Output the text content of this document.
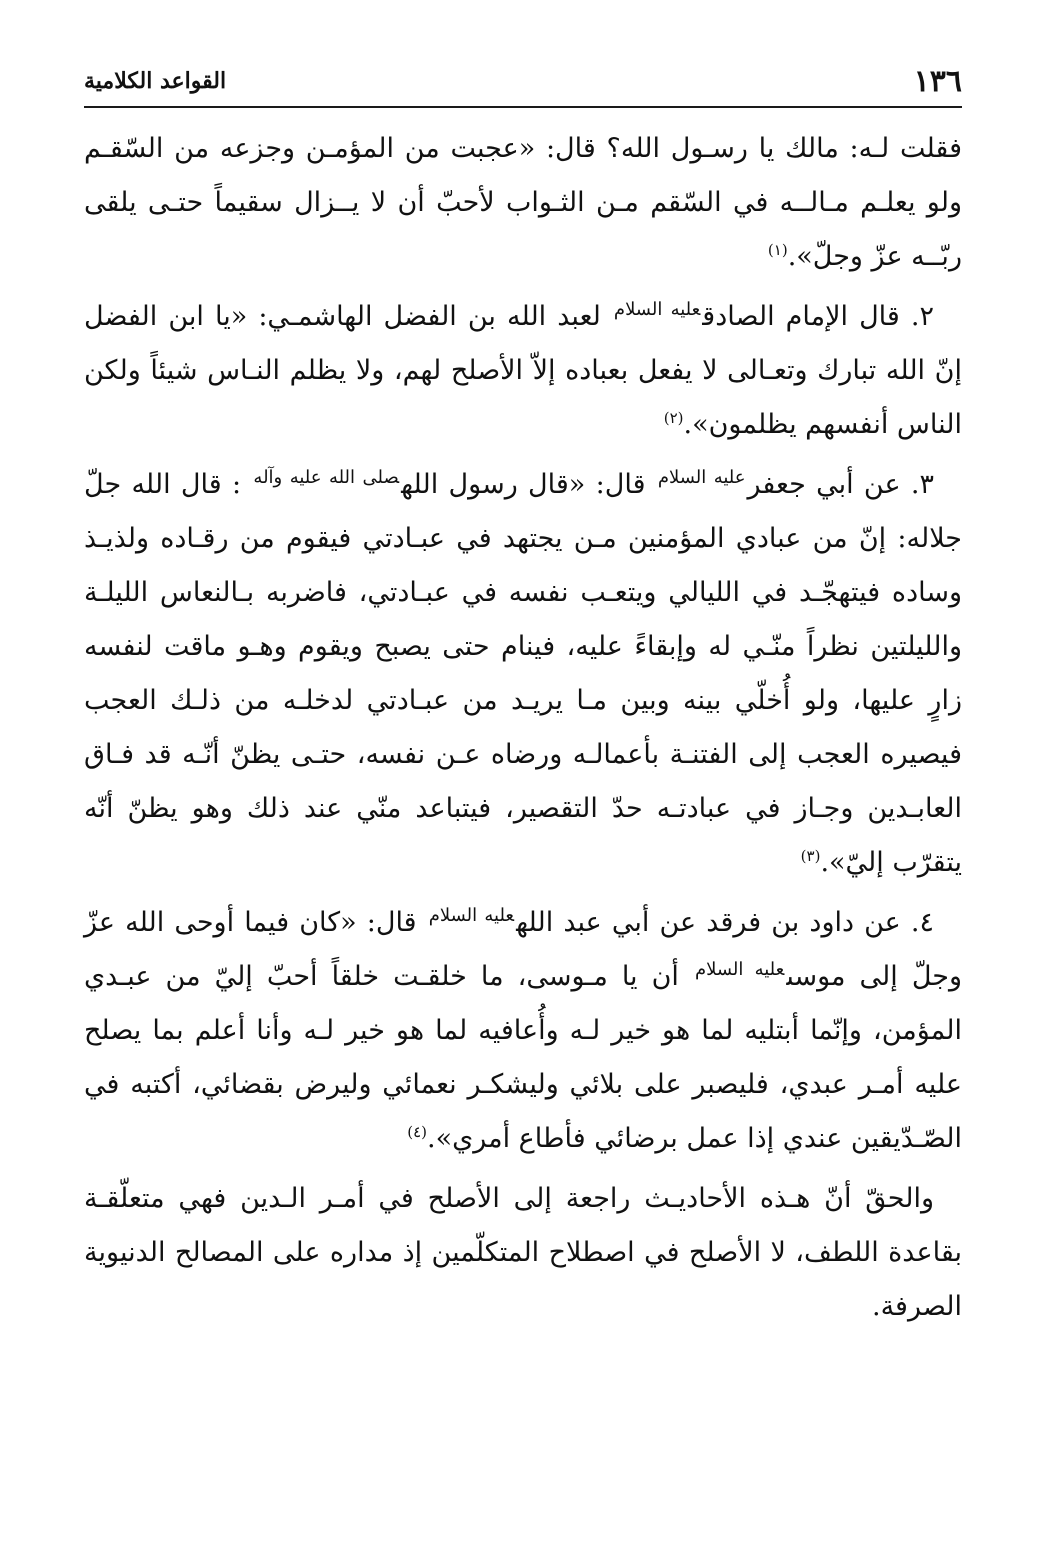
١٣٦
القواعد الكلامية

فقلت لـه: مالك يا رسـول الله؟ قال: «عجبت من المؤمـن وجزعه من السّقـم ولو يعلـم مـالــه في السّقم مـن الثـواب لأحبّ أن لا يــزال سقيماً حتـى يلقى ربّــه عزّ وجلّ».$^{(١)}$

٢. قال الإمام الصادق$^{عليه السلام}$ لعبد الله بن الفضل الهاشمـي: «يا ابن الفضل إنّ الله تبارك وتعـالى لا يفعل بعباده إلاّ الأصلح لهم، ولا يظلم النـاس شيئاً ولكن الناس أنفسهم يظلمون».$^{(٢)}$

٣. عن أبي جعفر$^{عليه السلام}$ قال: «قال رسول الله$^{صلى الله عليه وآله}$ : قال الله جلّ جلاله: إنّ من عبادي المؤمنين مـن يجتهد في عبـادتي فيقوم من رقـاده ولذيـذ وساده فيتهجّـد في الليالي ويتعـب نفسه في عبـادتي، فاضربه بـالنعاس الليلـة والليلتين نظراً منّـي له وإبقاءً عليه، فينام حتى يصبح ويقوم وهـو ماقت لنفسه زارٍ عليها، ولو أُخلّي بينه وبين مـا يريـد من عبـادتي لدخلـه من ذلـك العجب فيصيره العجب إلى الفتنـة بأعمالـه ورضاه عـن نفسه، حتـى يظنّ أنّـه قد فـاق العابـدين وجـاز في عبادتـه حدّ التقصير، فيتباعد منّي عند ذلك وهو يظنّ أنّه يتقرّب إليّ».$^{(٣)}$

٤. عن داود بن فرقد عن أبي عبد الله$^{عليه السلام}$ قال: «كان فيما أوحى الله عزّ وجلّ إلى موسى$^{عليه السلام}$ أن يا مـوسى، ما خلقـت خلقاً أحبّ إليّ من عبـدي المؤمن، وإنّما أبتليه لما هو خير لـه وأُعافيه لما هو خير لـه وأنا أعلم بما يصلح عليه أمـر عبدي، فليصبر على بلائي وليشكـر نعمائي وليرض بقضائي، أكتبه في الصّـدّيقين عندي إذا عمل برضائي فأطاع أمري».$^{(٤)}$

والحقّ أنّ هـذه الأحاديـث راجعة إلى الأصلح في أمـر الـدين فهي متعلّقـة بقاعدة اللطف، لا الأصلح في اصطلاح المتكلّمين إذ مداره على المصالح الدنيوية الصرفة.
